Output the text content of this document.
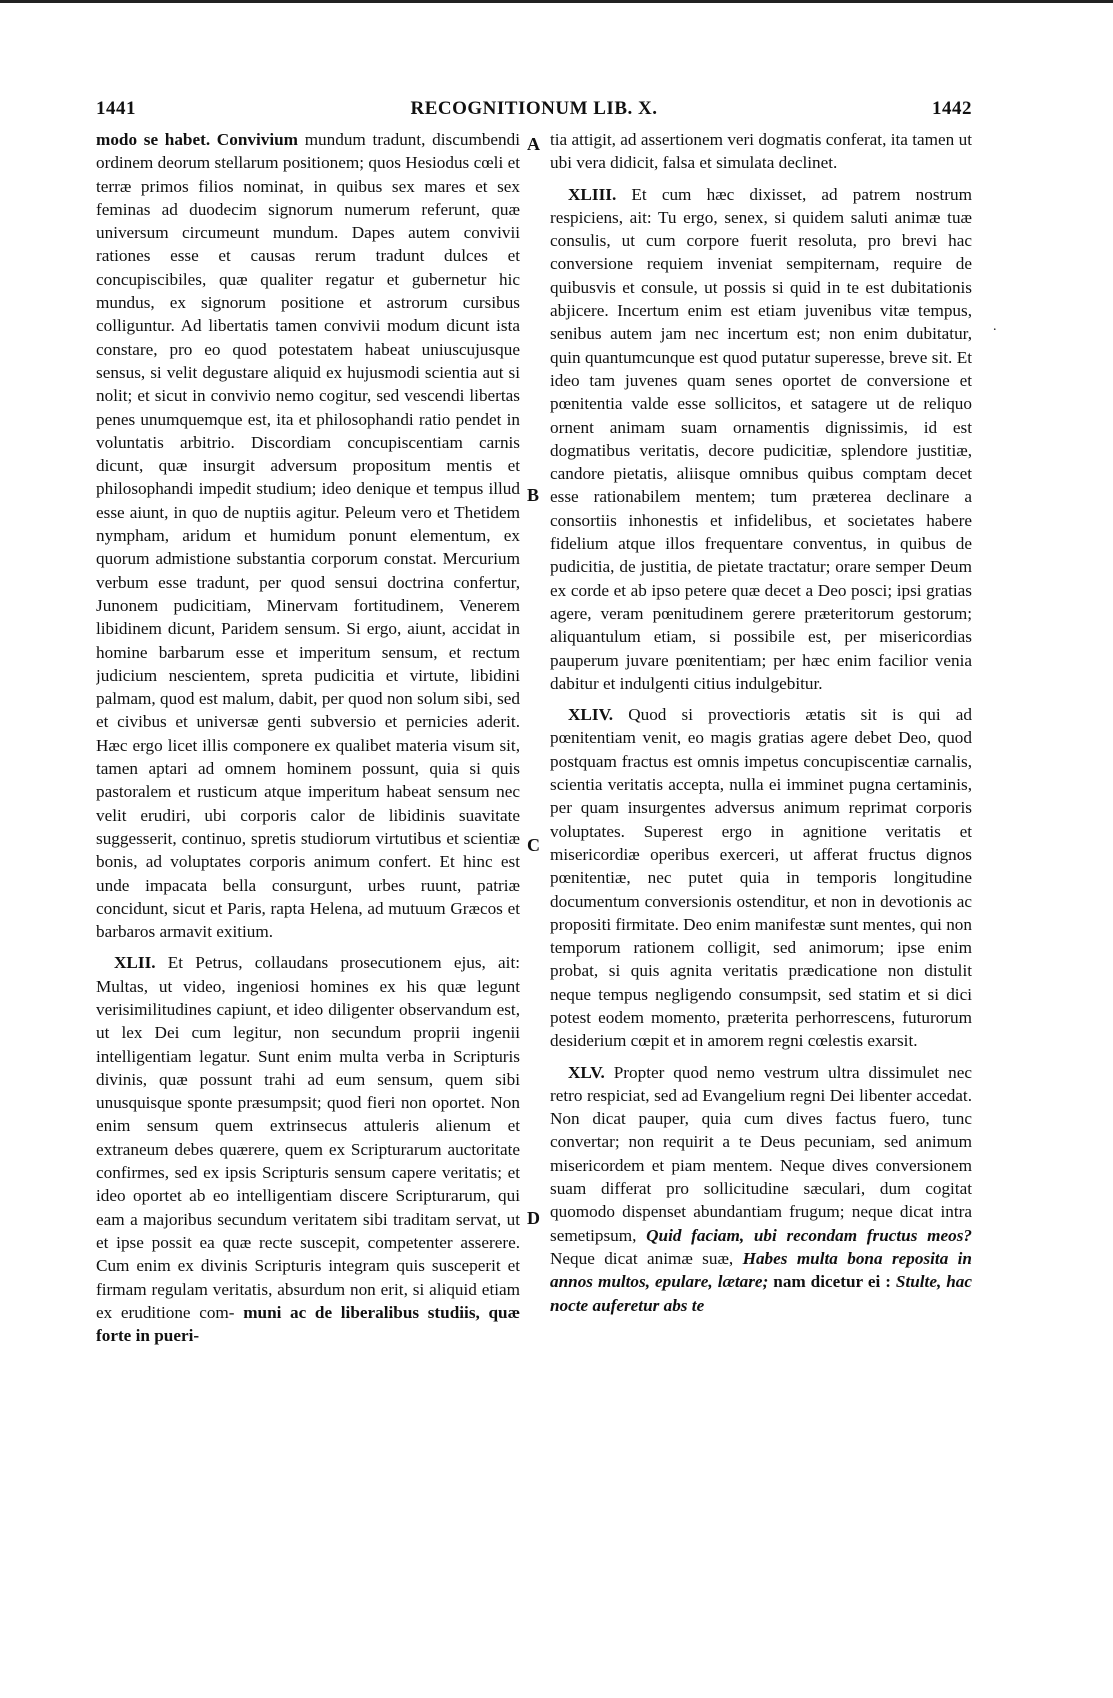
RECOGNITIONUM LIB. X.
1441	1442
A
B
C
D

modo se habet. Convivium mundum tradunt, discumbendi ordinem deorum stellarum positionem; quos Hesiodus cœli et terræ primos filios nominat, in quibus sex mares et sex feminas ad duodecim signorum numerum referunt, quæ universum circumeunt mundum. Dapes autem convivii rationes esse et causas rerum tradunt dulces et concupiscibiles, quæ qualiter regatur et gubernetur hic mundus, ex signorum positione et astrorum cursibus colliguntur. Ad libertatis tamen convivii modum dicunt ista constare, pro eo quod potestatem habeat uniuscujusque sensus, si velit degustare aliquid ex hujusmodi scientia aut si nolit; et sicut in convivio nemo cogitur, sed vescendi libertas penes unumquemque est, ita et philosophandi ratio pendet in voluntatis arbitrio. Discordiam concupiscentiam carnis dicunt, quæ insurgit adversum propositum mentis et philosophandi impedit studium; ideo denique et tempus illud esse aiunt, in quo de nuptiis agitur. Peleum vero et Thetidem nympham, aridum et humidum ponunt elementum, ex quorum admistione substantia corporum constat. Mercurium verbum esse tradunt, per quod sensui doctrina confertur, Junonem pudicitiam, Minervam fortitudinem, Venerem libidinem dicunt, Paridem sensum. Si ergo, aiunt, accidat in homine barbarum esse et imperitum sensum, et rectum judicium nescientem, spreta pudicitia et virtute, libidini palmam, quod est malum, dabit, per quod non solum sibi, sed et civibus et universæ genti subversio et pernicies aderit. Hæc ergo licet illis componere ex qualibet materia visum sit, tamen aptari ad omnem hominem possunt, quia si quis pastoralem et rusticum atque imperitum habeat sensum nec velit erudiri, ubi corporis calor de libidinis suavitate suggesserit, continuo, spretis studiorum virtutibus et scientiæ bonis, ad voluptates corporis animum confert. Et hinc est unde impacata bella consurgunt, urbes ruunt, patriæ concidunt, sicut et Paris, rapta Helena, ad mutuum Græcos et barbaros armavit exitium.

XLII. Et Petrus, collaudans prosecutionem ejus, ait: Multas, ut video, ingeniosi homines ex his quæ legunt verisimilitudines capiunt, et ideo diligenter observandum est, ut lex Dei cum legitur, non secundum proprii ingenii intelligentiam legatur. Sunt enim multa verba in Scripturis divinis, quæ possunt trahi ad eum sensum, quem sibi unusquisque sponte præsumpsit; quod fieri non oportet. Non enim sensum quem extrinsecus attuleris alienum et extraneum debes quærere, quem ex Scripturarum auctoritate confirmes, sed ex ipsis Scripturis sensum capere veritatis; et ideo oportet ab eo intelligentiam discere Scripturarum, qui eam a majoribus secundum veritatem sibi traditam servat, ut et ipse possit ea quæ recte suscepit, competenter asserere. Cum enim ex divinis Scripturis integram quis susceperit et firmam regulam veritatis, absurdum non erit, si aliquid etiam ex eruditione com- muni ac de liberalibus studiis, quæ forte in pueri-

tia attigit, ad assertionem veri dogmatis conferat, ita tamen ut ubi vera didicit, falsa et simulata declinet.

XLIII. Et cum hæc dixisset, ad patrem nostrum respiciens, ait: Tu ergo, senex, si quidem saluti animæ tuæ consulis, ut cum corpore fuerit resoluta, pro brevi hac conversione requiem inveniat sempiternam, require de quibusvis et consule, ut possis si quid in te est dubitationis abjicere. Incertum enim est etiam juvenibus vitæ tempus, senibus autem jam nec incertum est; non enim dubitatur, quin quantumcunque est quod putatur superesse, breve sit. Et ideo tam juvenes quam senes oportet de conversione et pœnitentia valde esse sollicitos, et satagere ut de reliquo ornent animam suam ornamentis dignissimis, id est dogmatibus veritatis, decore pudicitiæ, splendore justitiæ, candore pietatis, aliisque omnibus quibus comptam decet esse rationabilem mentem; tum præterea declinare a consortiis inhonestis et infidelibus, et societates habere fidelium atque illos frequentare conventus, in quibus de pudicitia, de justitia, de pietate tractatur; orare semper Deum ex corde et ab ipso petere quæ decet a Deo posci; ipsi gratias agere, veram pœnitudinem gerere præteritorum gestorum; aliquantulum etiam, si possibile est, per misericordias pauperum juvare pœnitentiam; per hæc enim facilior venia dabitur et indulgenti citius indulgebitur.

XLIV. Quod si provectioris ætatis sit is qui ad pœnitentiam venit, eo magis gratias agere debet Deo, quod postquam fractus est omnis impetus concupiscentiæ carnalis, scientia veritatis accepta, nulla ei imminet pugna certaminis, per quam insurgentes adversus animum reprimat corporis voluptates. Superest ergo in agnitione veritatis et misericordiæ operibus exerceri, ut afferat fructus dignos pœnitentiæ, nec putet quia in temporis longitudine documentum conversionis ostenditur, et non in devotionis ac propositi firmitate. Deo enim manifestæ sunt mentes, qui non temporum rationem colligit, sed animorum; ipse enim probat, si quis agnita veritatis prædicatione non distulit neque tempus negligendo consumpsit, sed statim et si dici potest eodem momento, præterita perhorrescens, futurorum desiderium cœpit et in amorem regni cœlestis exarsit.

XLV. Propter quod nemo vestrum ultra dissimulet nec retro respiciat, sed ad Evangelium regni Dei libenter accedat. Non dicat pauper, quia cum dives factus fuero, tunc convertar; non requirit a te Deus pecuniam, sed animum misericordem et piam mentem. Neque dives conversionem suam differat pro sollicitudine sæculari, dum cogitat quomodo dispenset abundantiam frugum; neque dicat intra semetipsum, Quid faciam, ubi recondam fructus meos? Neque dicat animæ suæ, Habes multa bona reposita in annos multos, epulare, lætare; nam dicetur ei : Stulte, hac nocte auferetur abs te

.
